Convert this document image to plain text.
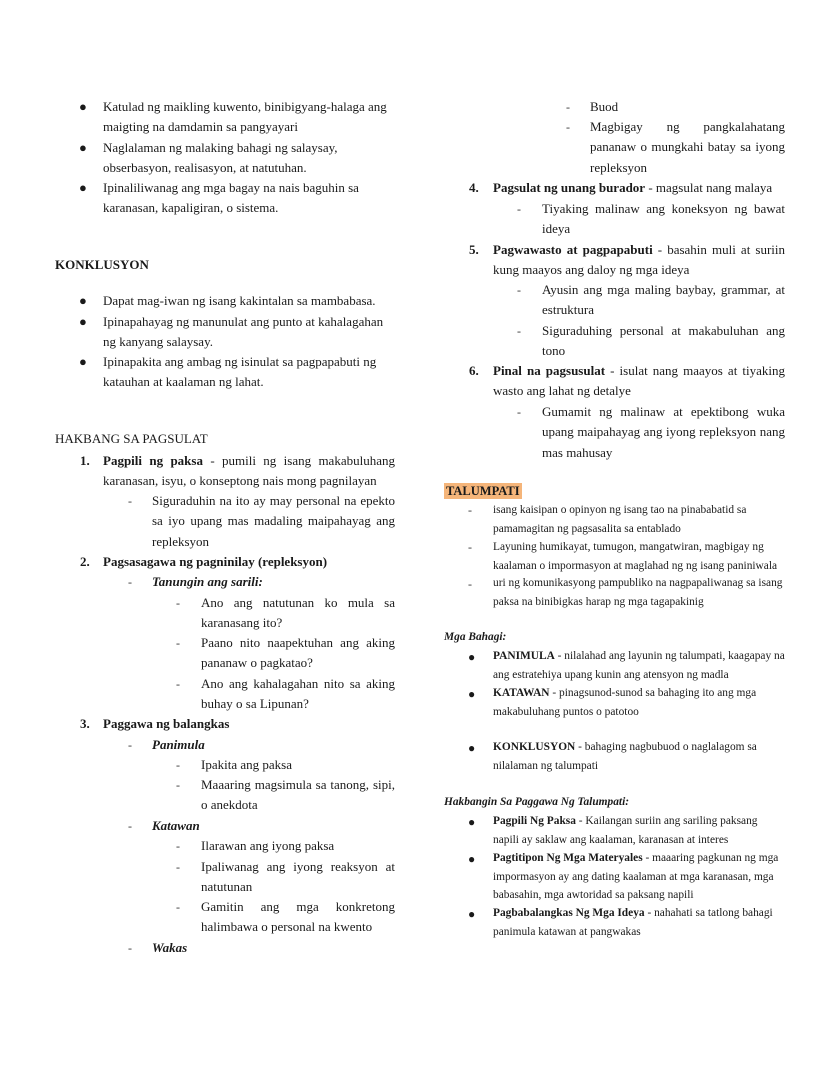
● Katulad ng maikling kuwento, binibigyang-halaga ang maigting na damdamin sa pangyayari
● Naglalaman ng malaking bahagi ng salaysay, obserbasyon, realisasyon, at natutuhan.
● Ipinaliliwanag ang mga bagay na nais baguhin sa karanasan, kapaligiran, o sistema.
KONKLUSYON
● Dapat mag-iwan ng isang kakintalan sa mambabasa.
● Ipinapahayag ng manunulat ang punto at kahalagahan ng kanyang salaysay.
● Ipinapakita ang ambag ng isinulat sa pagpapabuti ng katauhan at kaalaman ng lahat.
HAKBANG SA PAGSULAT
1. Pagpili ng paksa - pumili ng isang makabuluhang karanasan, isyu, o konseptong nais mong pagnilayan
- Siguraduhin na ito ay may personal na epekto sa iyo upang mas madaling maipahayag ang repleksyon
2. Pagsasagawa ng pagninilay (repleksyon)
- Tanungin ang sarili:
- Ano ang natutunan ko mula sa karanasang ito?
- Paano nito naapektuhan ang aking pananaw o pagkatao?
- Ano ang kahalagahan nito sa aking buhay o sa Lipunan?
3. Paggawa ng balangkas
- Panimula
- Ipakita ang paksa
- Maaaring magsimula sa tanong, sipi, o anekdota
- Katawan
- Ilarawan ang iyong paksa
- Ipaliwanag ang iyong reaksyon at natutunan
- Gamitin ang mga konkretong halimbawa o personal na kwento
- Wakas
- Buod
- Magbigay ng pangkalahatang pananaw o mungkahi batay sa iyong repleksyon
4. Pagsulat ng unang burador - magsulat nang malaya
- Tiyaking malinaw ang koneksyon ng bawat ideya
5. Pagwawasto at pagpapabuti - basahin muli at suriin kung maayos ang daloy ng mga ideya
- Ayusin ang mga maling baybay, grammar, at estruktura
- Siguraduhing personal at makabuluhan ang tono
6. Pinal na pagsusulat - isulat nang maayos at tiyaking wasto ang lahat ng detalye
- Gumamit ng malinaw at epektibong wuka upang maipahayag ang iyong repleksyon nang mas mahusay
TALUMPATI
- isang kaisipan o opinyon ng isang tao na pinababatid sa pamamagitan ng pagsasalita sa entablado
- Layuning humikayat, tumugon, mangatwiran, magbigay ng kaalaman o impormasyon at maglahad ng ng isang paniniwala
- uri ng komunikasyong pampubliko na nagpapaliwanag sa isang paksa na binibigkas harap ng mga tagapakinig
Mga Bahagi:
● PANIMULA - nilalahad ang layunin ng talumpati, kaagapay na ang estratehiya upang kunin ang atensyon ng madla
● KATAWAN - pinagsunod-sunod sa bahaging ito ang mga makabuluhang puntos o patotoo
● KONKLUSYON - bahaging nagbubuod o naglalagom sa nilalaman ng talumpati
Hakbangin Sa Paggawa Ng Talumpati:
● Pagpili Ng Paksa - Kailangan suriin ang sariling paksang napili ay saklaw ang kaalaman, karanasan at interes
● Pagtitipon Ng Mga Materyales - maaaring pagkunan ng mga impormasyon ay ang dating kaalaman at mga karanasan, mga babasahin, mga awtoridad sa paksang napili
● Pagbabalangkas Ng Mga Ideya - nahahati sa tatlong bahagi panimula katawan at pangwakas
